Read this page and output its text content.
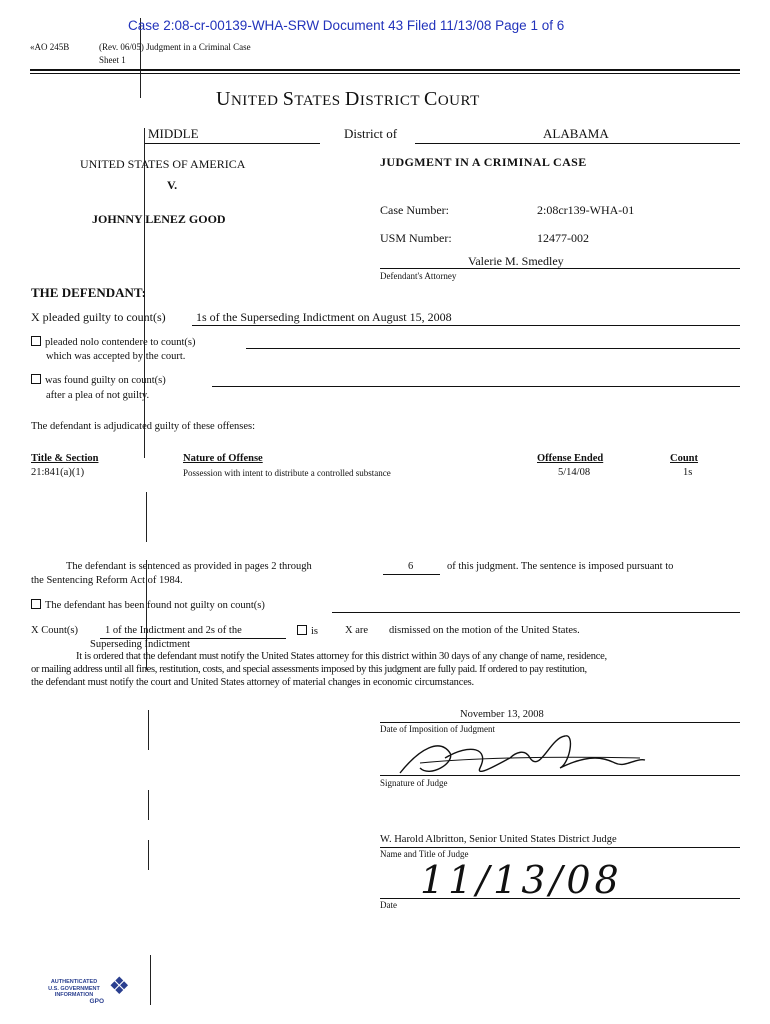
Case 2:08-cr-00139-WHA-SRW Document 43 Filed 11/13/08 Page 1 of 6
«AO 245B	(Rev. 06/05) Judgment in a Criminal Case
Sheet 1
UNITED STATES DISTRICT COURT
MIDDLE	District of	ALABAMA
UNITED STATES OF AMERICA
V.
JOHNNY LENEZ GOOD
JUDGMENT IN A CRIMINAL CASE
Case Number:	2:08cr139-WHA-01
USM Number:	12477-002
Valerie M. Smedley
Defendant's Attorney
THE DEFENDANT:
X pleaded guilty to count(s)	1s of the Superseding Indictment on August 15, 2008
pleaded nolo contendere to count(s)
which was accepted by the court.
was found guilty on count(s)
after a plea of not guilty.
The defendant is adjudicated guilty of these offenses:
Title & Section	Nature of Offense	Offense Ended	Count
21:841(a)(1)	Possession with intent to distribute a controlled substance	5/14/08	1s
The defendant is sentenced as provided in pages 2 through	6	of this judgment. The sentence is imposed pursuant to
the Sentencing Reform Act of 1984.
The defendant has been found not guilty on count(s)
X Count(s)	1 of the Indictment and 2s of the
Superseding Indictment
is	X are dismissed on the motion of the United States.
It is ordered that the defendant must notify the United States attorney for this district within 30 days of any change of name, residence,
or mailing address until all fines, restitution, costs, and special assessments imposed by this judgment are fully paid. If ordered to pay restitution,
the defendant must notify the court and United States attorney of material changes in economic circumstances.
November 13, 2008
Date of Imposition of Judgment
Signature of Judge
W. Harold Albritton, Senior United States District Judge
Name and Title of Judge
11/13/08
Date
❖
AUTHENTICATED
U.S. GOVERNMENT
INFORMATION
GPO
